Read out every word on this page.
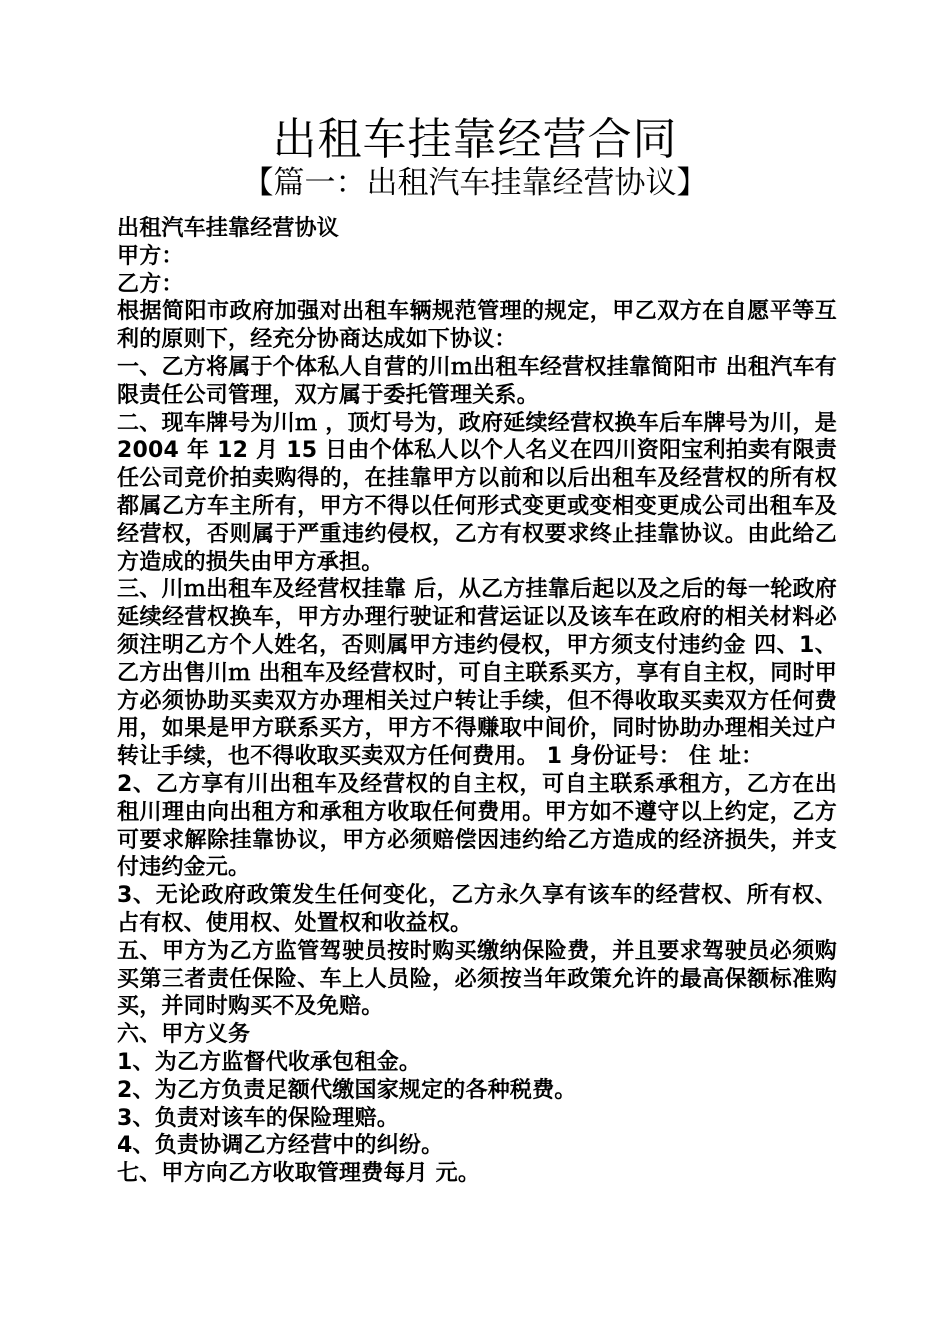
出租车挂靠经营合同
【篇一：出租汽车挂靠经营协议】

出租汽车挂靠经营协议

甲方：

乙方：

根据简阳市政府加强对出租车辆规范管理的规定，甲乙双方在自愿平等互利的原则下，经充分协商达成如下协议：

一、乙方将属于个体私人自营的川ｍ出租车经营权挂靠简阳市 出租汽车有限责任公司管理，双方属于委托管理关系。

二、现车牌号为川ｍ ，顶灯号为，政府延续经营权换车后车牌号为川，是 2004 年 12 月 15 日由个体私人以个人名义在四川资阳宝利拍卖有限责任公司竞价拍卖购得的，在挂靠甲方以前和以后出租车及经营权的所有权都属乙方车主所有，甲方不得以任何形式变更或变相变更成公司出租车及经营权，否则属于严重违约侵权，乙方有权要求终止挂靠协议。由此给乙方造成的损失由甲方承担。

三、川ｍ出租车及经营权挂靠 后，从乙方挂靠后起以及之后的每一轮政府延续经营权换车，甲方办理行驶证和营运证以及该车在政府的相关材料必须注明乙方个人姓名，否则属甲方违约侵权，甲方须支付违约金 四、1、乙方出售川ｍ 出租车及经营权时，可自主联系买方，享有自主权，同时甲方必须协助买卖双方办理相关过户转让手续，但不得收取买卖双方任何费用，如果是甲方联系买方，甲方不得赚取中间价，同时协助办理相关过户转让手续，也不得收取买卖双方任何费用。 1 身份证号： 住 址：

2、乙方享有川出租车及经营权的自主权，可自主联系承租方，乙方在出租川理由向出租方和承租方收取任何费用。甲方如不遵守以上约定，乙方可要求解除挂靠协议，甲方必须赔偿因违约给乙方造成的经济损失，并支付违约金元。

3、无论政府政策发生任何变化，乙方永久享有该车的经营权、所有权、占有权、使用权、处置权和收益权。

五、甲方为乙方监管驾驶员按时购买缴纳保险费，并且要求驾驶员必须购买第三者责任保险、车上人员险，必须按当年政策允许的最高保额标准购买，并同时购买不及免赔。

六、甲方义务

1、为乙方监督代收承包租金。

2、为乙方负责足额代缴国家规定的各种税费。

3、负责对该车的保险理赔。

4、负责协调乙方经营中的纠纷。

七、甲方向乙方收取管理费每月 元。
